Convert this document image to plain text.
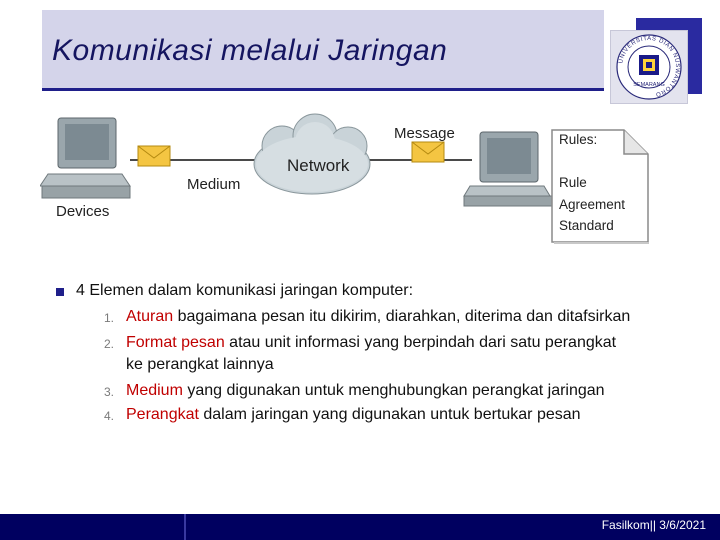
Komunikasi melalui Jaringan	UNIVERSITAS DIAN NUSWANTORO
SEMARANG
Message
Network
Medium
Devices
Rules:
Rule
Agreement
Standard
4 Elemen dalam komunikasi jaringan komputer:
1. Aturan bagaimana pesan itu dikirim, diarahkan, diterima dan ditafsirkan
2. Format pesan atau unit informasi yang berpindah dari satu perangkat
ke perangkat lainnya
3. Medium yang digunakan untuk menghubungkan perangkat jaringan
4. Perangkat dalam jaringan yang digunakan untuk bertukar pesan
Fasilkom|| 3/6/2021
